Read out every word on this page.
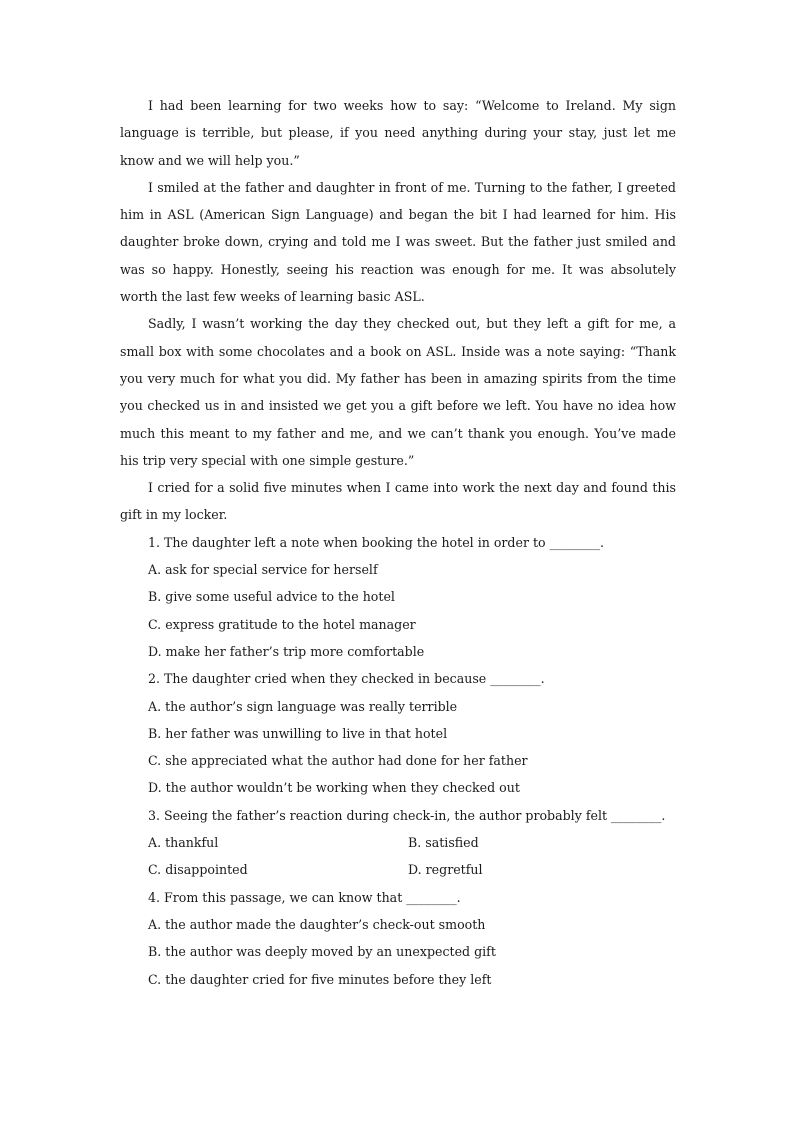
I had been learning for two weeks how to say: “Welcome to Ireland. My sign language is terrible, but please, if you need anything during your stay, just let me know and we will help you.”

I smiled at the father and daughter in front of me. Turning to the father, I greeted him in ASL (American Sign Language) and began the bit I had learned for him. His daughter broke down, crying and told me I was sweet. But the father just smiled and was so happy. Honestly, seeing his reaction was enough for me. It was absolutely worth the last few weeks of learning basic ASL.

Sadly, I wasn’t working the day they checked out, but they left a gift for me, a small box with some chocolates and a book on ASL. Inside was a note saying: “Thank you very much for what you did. My father has been in amazing spirits from the time you checked us in and insisted we get you a gift before we left. You have no idea how much this meant to my father and me, and we can’t thank you enough. You’ve made his trip very special with one simple gesture.”

I cried for a solid five minutes when I came into work the next day and found this gift in my locker.

1. The daughter left a note when booking the hotel in order to ________.

A. ask for special service for herself

B. give some useful advice to the hotel

C. express gratitude to the hotel manager

D. make her father’s trip more comfortable

2. The daughter cried when they checked in because ________.

A. the author’s sign language was really terrible

B. her father was unwilling to live in that hotel

C. she appreciated what the author had done for her father

D. the author wouldn’t be working when they checked out

3. Seeing the father’s reaction during check-in, the author probably felt ________.

A. thankful	B. satisfied
C. disappointed	D. regretful

4. From this passage, we can know that ________.

A. the author made the daughter’s check-out smooth

B. the author was deeply moved by an unexpected gift

C. the daughter cried for five minutes before they left
